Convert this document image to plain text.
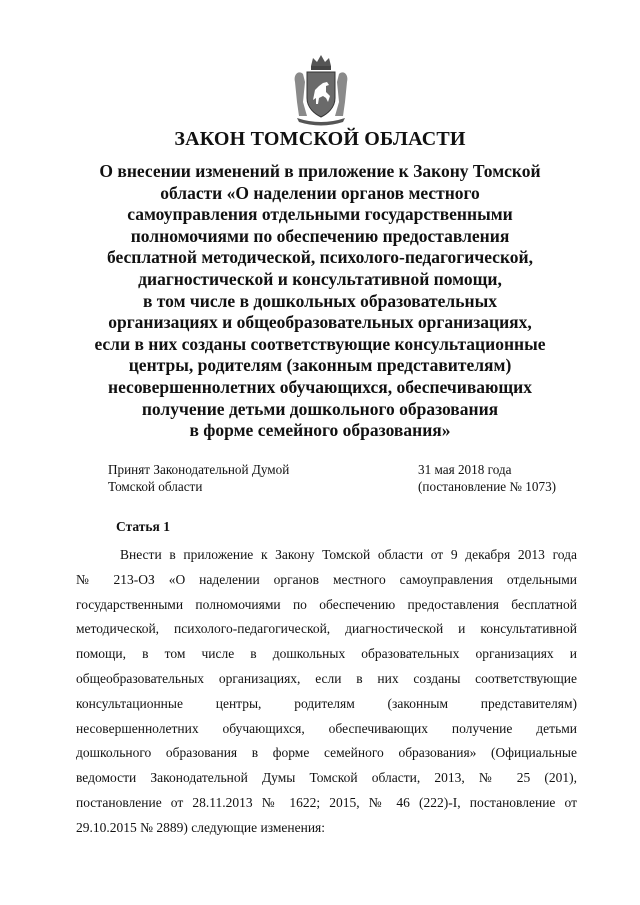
ЗАКОН ТОМСКОЙ ОБЛАСТИ
О внесении изменений в приложение к Закону Томской
области «О наделении органов местного
самоуправления отдельными государственными
полномочиями по обеспечению предоставления
бесплатной методической, психолого-педагогической,
диагностической и консультативной помощи,
в том числе в дошкольных образовательных
организациях и общеобразовательных организациях,
если в них созданы соответствующие консультационные
центры, родителям (законным представителям)
несовершеннолетних обучающихся, обеспечивающих
получение детьми дошкольного образования
в форме семейного образования»
Принят Законодательной Думой
Томской области
31 мая 2018 года
(постановление № 1073)
Статья 1
Внести в приложение к Закону Томской области от 9 декабря 2013 года
№ 213-ОЗ «О наделении органов местного самоуправления отдельными
государственными полномочиями по обеспечению предоставления бесплатной
методической, психолого-педагогической, диагностической и консультативной
помощи, в том числе в дошкольных образовательных организациях и
общеобразовательных организациях, если в них созданы соответствующие
консультационные центры, родителям (законным представителям)
несовершеннолетних обучающихся, обеспечивающих получение детьми
дошкольного образования в форме семейного образования» (Официальные
ведомости Законодательной Думы Томской области, 2013, № 25 (201),
постановление от 28.11.2013 № 1622; 2015, № 46 (222)-I, постановление от
29.10.2015 № 2889) следующие изменения:
